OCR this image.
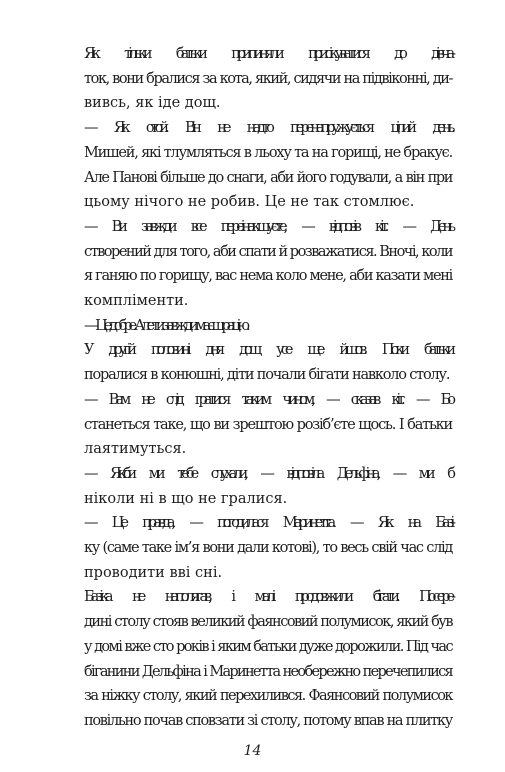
Як тільки батьки припиняли присікуватися до дівча-
ток, вони бралися за кота, який, сидячи на підвіконні, ди-
вивсь, як іде дощ.

— Як отой. Він не надто перенапружується цілий день.
Мишей, які тлумляться в льоху та на горищі, не бракує.
Але Панові більше до снаги, аби його годували, а він при
цьому нічого не робив. Це не так стомлює.

— Ви завжди все переінакшуєте, — відповів кіт. — День
створений для того, аби спати й розважатися. Вночі, коли
я ганяю по горищу, вас нема коло мене, аби казати мені
компліменти.

— Це добре. Але ти завжди маєш рацію.

У другій половині дня дощ усе ще йшов. Поки батьки
поралися в конюшні, діти почали бігати навколо столу.

— Вам не слід гратися таким чином, — сказав кіт. — Бо
станеться таке, що ви зрештою розіб’єте щось. І батьки
лаятимуться.

— Якби ми тебе слухали, — відповіла Дельфіна, — ми б
ніколи ні в що не гралися.

— Це правда, — погодилася Маринетта. — Як на Базі-
ку (саме таке ім’я вони дали котові), то весь свій час слід
проводити вві сні.

Базіка не наполягав, і малі продовжили бігати. Посере-
дині столу стояв великий фаянсовий полумисок, який був
у домі вже сто років і яким батьки дуже дорожили. Під час
біганини Дельфіна і Маринетта необережно перечепилися
за ніжку столу, який перехилився. Фаянсовий полумисок
повільно почав сповзати зі столу, потому впав на плитку

14
